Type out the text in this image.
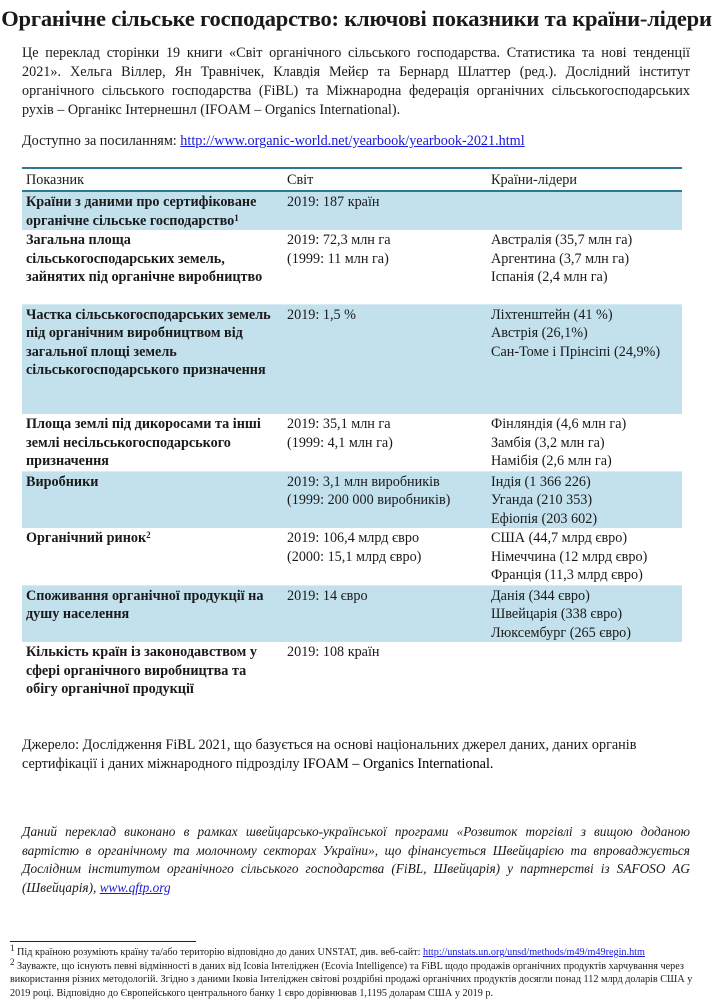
Органічне сільське господарство: ключові показники та країни-лідери

Це переклад сторінки 19 книги «Світ органічного сільського господарства. Статистика та нові тенденції 2021». Хельга Віллер, Ян Травнічек, Клавдія Мейєр та Бернард Шлаттер (ред.). Дослідний інститут органічного сільського господарства (FiBL) та Міжнародна федерація органічних сільськогосподарських рухів – Органікс Інтернешнл (IFOAM – Organics International).

Доступно за посиланням: http://www.organic-world.net/yearbook/yearbook-2021.html

Показник	Світ	Країни-лідери
Країни з даними про сертифіковане органічне сільське господарство$^1$	2019: 187 країн	

Загальна площа сільськогосподарських земель, зайнятих під органічне виробництво	2019: 72,3 млн га
(1999: 11 млн га)	Австралія (35,7 млн га)
Аргентина (3,7 млн га)
Іспанія (2,4 млн га)

Частка сільськогосподарських земель під органічним виробництвом від загальної площі земель сільськогосподарського призначення	2019: 1,5 %	Ліхтенштейн (41 %)
Австрія (26,1%)
Сан-Томе і Прінсіпі (24,9%)

Площа землі під дикоросами та інші землі несільськогосподарського призначення	2019: 35,1 млн га
(1999: 4,1 млн га)	Фінляндія (4,6 млн га)
Замбія (3,2 млн га)
Намібія (2,6 млн га)

Виробники	2019: 3,1 млн виробників
(1999: 200 000 виробників)	Індія (1 366 226)
Уганда (210 353)
Ефіопія (203 602)

Органічний ринок$^2$	2019: 106,4 млрд євро
(2000: 15,1 млрд євро)	США (44,7 млрд євро)
Німеччина (12 млрд євро)
Франція (11,3 млрд євро)

Споживання органічної продукції на душу населення	2019: 14 євро	Данія (344 євро)
Швейцарія (338 євро)
Люксембург (265 євро)

Кількість країн із законодавством у сфері органічного виробництва та обігу органічної продукції	2019: 108 країн	

Джерело: Дослідження FiBL 2021, що базується на основі національних джерел даних, даних органів сертифікації і даних міжнародного підрозділу IFOAM – Organics International.

Даний переклад виконано в рамках швейцарсько-української програми «Розвиток торгівлі з вищою доданою вартістю в органічному та молочному секторах України», що фінансується Швейцарією та впроваджується Дослідним інститутом органічного сільського господарства (FiBL, Швейцарія) у партнерстві із SAFOSO AG (Швейцарія), www.qftp.org

$^1$ Під країною розуміють країну та/або територію відповідно до даних UNSTAT, див. веб-сайт: http://unstats.un.org/unsd/methods/m49/m49regin.htm

$^2$ Зауважте, що існують певні відмінності в даних від Ісовіа Інтеліджен (Ecovia Intelligence) та FiBL щодо продажів органічних продуктів харчування через використання різних методологій. Згідно з даними Іковіа Інтеліджен світові роздрібні продажі органічних продуктів досягли понад 112 млрд доларів США у 2019 році. Відповідно до Європейського центрального банку 1 євро дорівнював 1,1195 доларам США у 2019 р.
